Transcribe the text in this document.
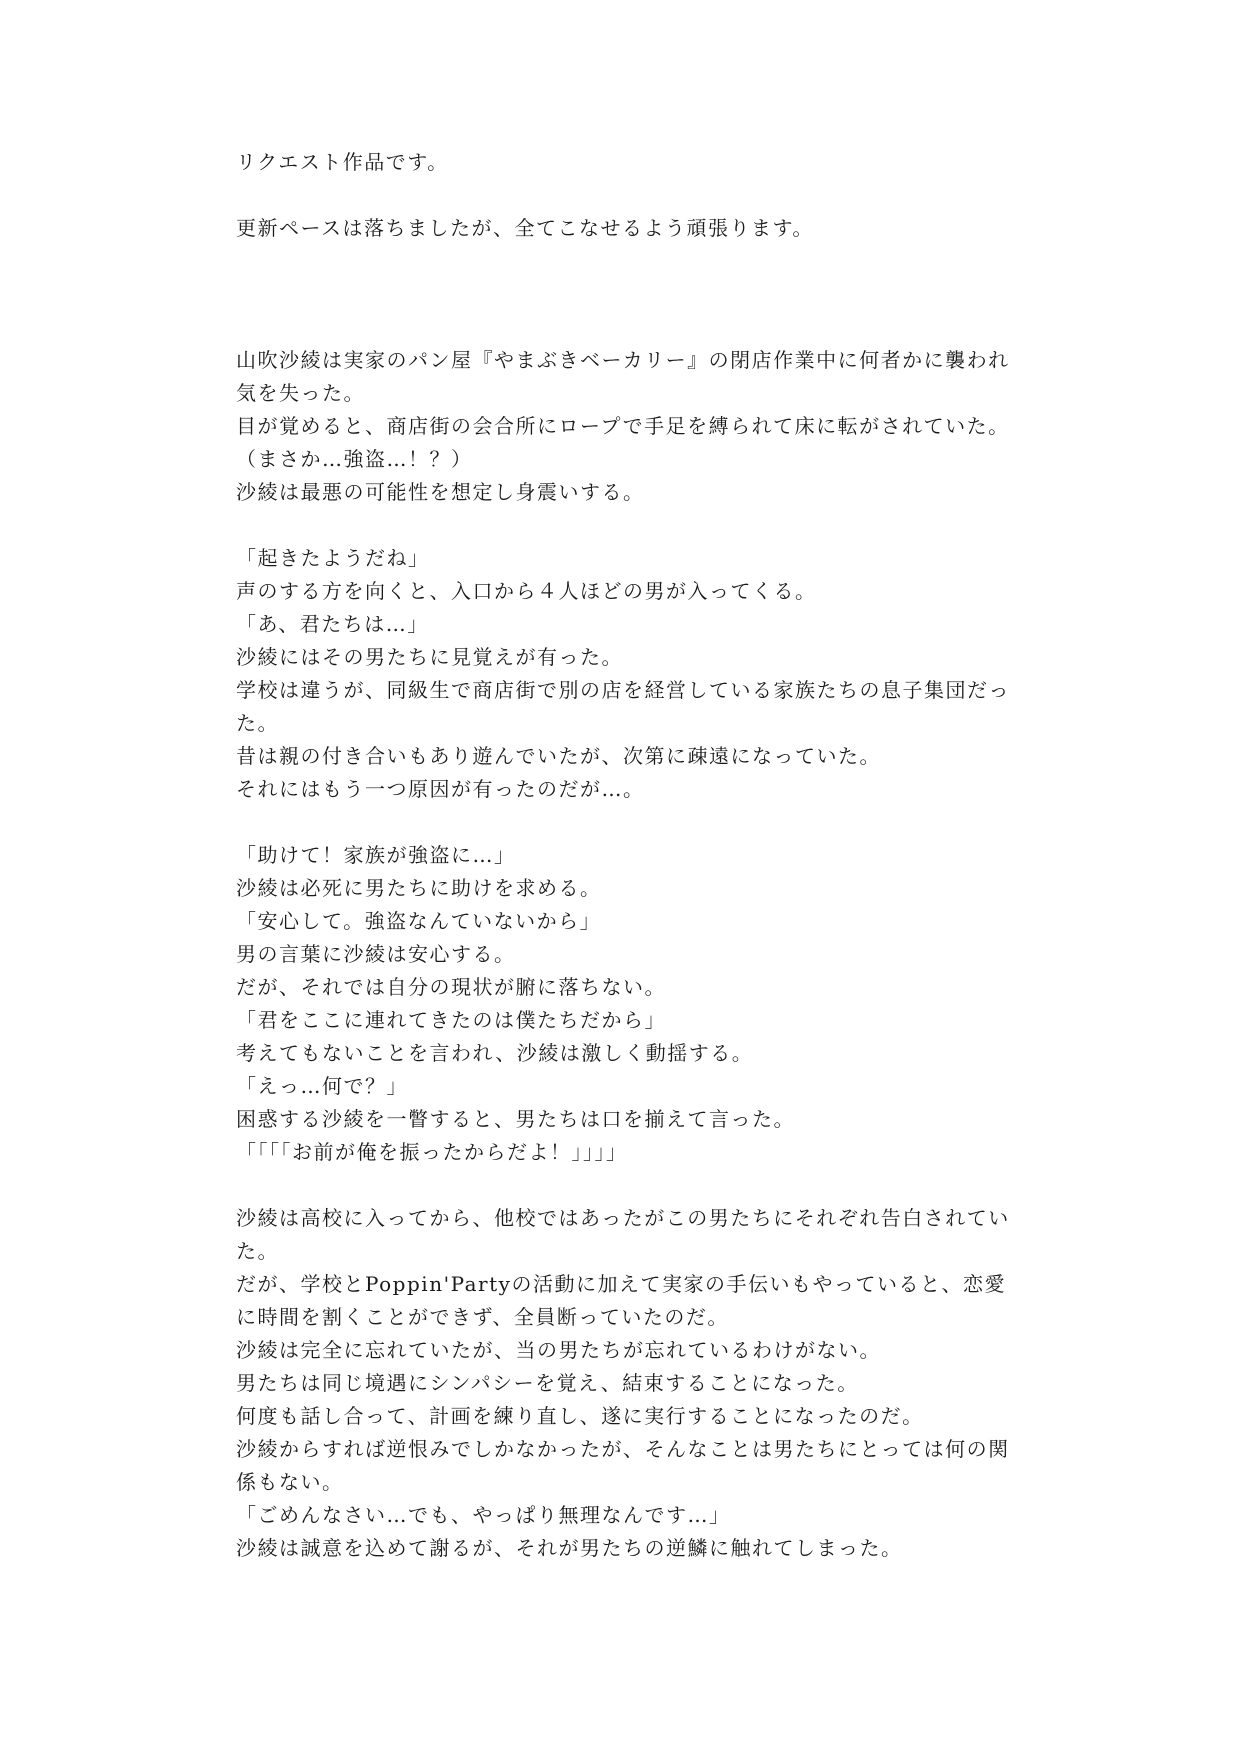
リクエスト作品です。

更新ペースは落ちましたが、全てこなせるよう頑張ります。

山吹沙綾は実家のパン屋『やまぶきベーカリー』の閉店作業中に何者かに襲われ気を失った。

目が覚めると、商店街の会合所にロープで手足を縛られて床に転がされていた。

（まさか…強盗…！？）

沙綾は最悪の可能性を想定し身震いする。

「起きたようだね」

声のする方を向くと、入口から４人ほどの男が入ってくる。

「あ、君たちは…」

沙綾にはその男たちに見覚えが有った。

学校は違うが、同級生で商店街で別の店を経営している家族たちの息子集団だった。

昔は親の付き合いもあり遊んでいたが、次第に疎遠になっていた。

それにはもう一つ原因が有ったのだが…。

「助けて！家族が強盗に…」

沙綾は必死に男たちに助けを求める。

「安心して。強盗なんていないから」

男の言葉に沙綾は安心する。

だが、それでは自分の現状が腑に落ちない。

「君をここに連れてきたのは僕たちだから」

考えてもないことを言われ、沙綾は激しく動揺する。

「えっ…何で？」

困惑する沙綾を一瞥すると、男たちは口を揃えて言った。

「「「「お前が俺を振ったからだよ！」」」」

沙綾は高校に入ってから、他校ではあったがこの男たちにそれぞれ告白されていた。

だが、学校とPoppin'Partyの活動に加えて実家の手伝いもやっていると、恋愛に時間を割くことができず、全員断っていたのだ。

沙綾は完全に忘れていたが、当の男たちが忘れているわけがない。

男たちは同じ境遇にシンパシーを覚え、結束することになった。

何度も話し合って、計画を練り直し、遂に実行することになったのだ。

沙綾からすれば逆恨みでしかなかったが、そんなことは男たちにとっては何の関係もない。

「ごめんなさい…でも、やっぱり無理なんです…」

沙綾は誠意を込めて謝るが、それが男たちの逆鱗に触れてしまった。
